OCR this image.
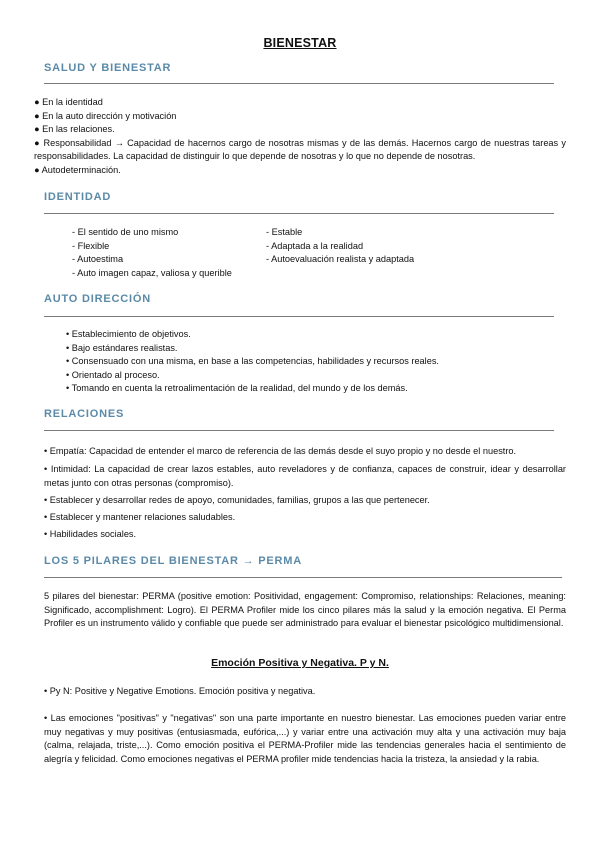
BIENESTAR
SALUD Y BIENESTAR
● En la identidad
● En la auto dirección y motivación
● En las relaciones.
● Responsabilidad → Capacidad de hacernos cargo de nosotras mismas y de las demás. Hacernos cargo de nuestras tareas y responsabilidades. La capacidad de distinguir lo que depende de nosotras y lo que no depende de nosotras.
● Autodeterminación.
IDENTIDAD
- El sentido de uno mismo
- Flexible
- Autoestima
- Auto imagen capaz, valiosa y querible
- Estable
- Adaptada a la realidad
- Autoevaluación realista y adaptada
AUTO DIRECCIÓN
• Establecimiento de objetivos.
• Bajo estándares realistas.
• Consensuado con una misma, en base a las competencias, habilidades y recursos reales.
• Orientado al proceso.
• Tomando en cuenta la retroalimentación de la realidad, del mundo y de los demás.
RELACIONES
• Empatía: Capacidad de entender el marco de referencia de las demás desde el suyo propio y no desde el nuestro.
• Intimidad: La capacidad de crear lazos estables, auto reveladores y de confianza, capaces de construir, idear y desarrollar metas junto con otras personas (compromiso).
• Establecer y desarrollar redes de apoyo, comunidades, familias, grupos a las que pertenecer.
• Establecer y mantener relaciones saludables.
• Habilidades sociales.
LOS 5 PILARES DEL BIENESTAR → PERMA
5 pilares del bienestar: PERMA (positive emotion: Positividad, engagement: Compromiso, relationships: Relaciones, meaning: Significado, accomplishment: Logro). El PERMA Profiler mide los cinco pilares más la salud y la emoción negativa. El Perma Profiler es un instrumento válido y confiable que puede ser administrado para evaluar el bienestar psicológico multidimensional.
Emoción Positiva y Negativa. P y N.
• Py N: Positive y Negative Emotions. Emoción positiva y negativa.
• Las emociones "positivas" y "negativas" son una parte importante en nuestro bienestar. Las emociones pueden variar entre muy negativas y muy positivas (entusiasmada, eufórica,...) y variar entre una activación muy alta y una activación muy baja (calma, relajada, triste,...). Como emoción positiva el PERMA-Profiler mide las tendencias generales hacia el sentimiento de alegría y felicidad. Como emociones negativas el PERMA profiler mide tendencias hacia la tristeza, la ansiedad y la rabia.
